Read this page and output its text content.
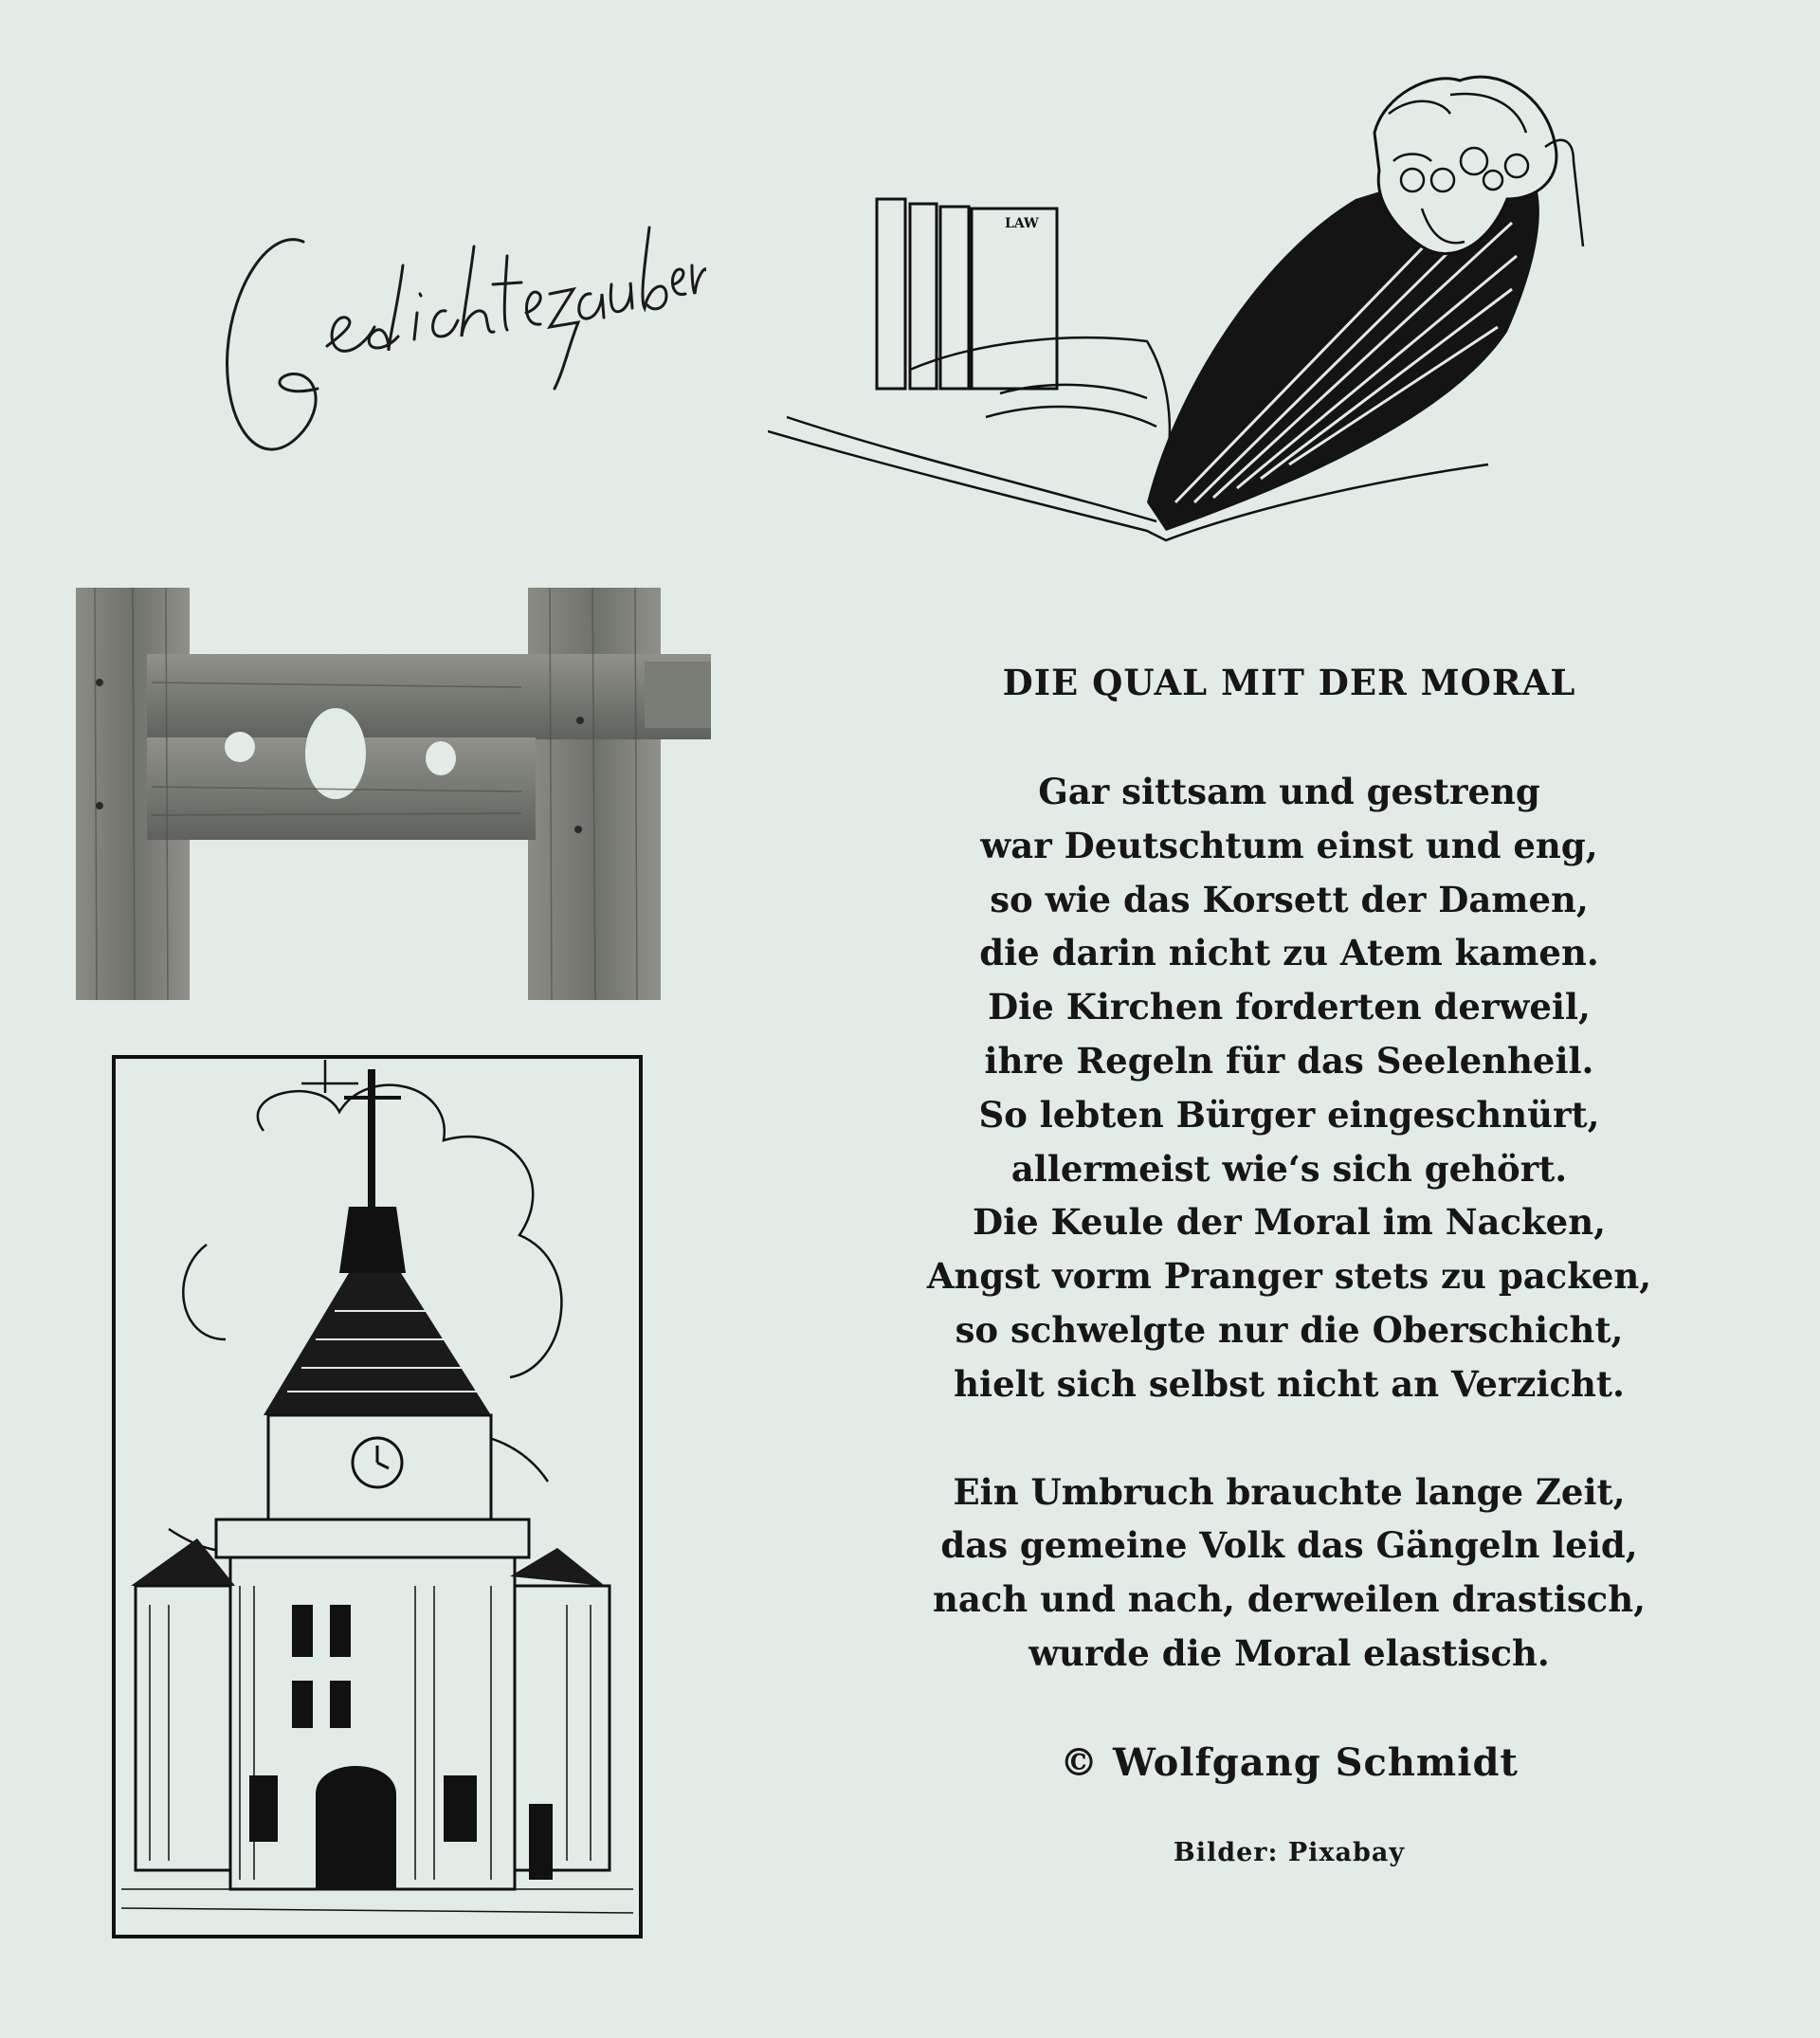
LAW
DIE QUAL MIT DER MORAL
Gar sittsam und gestreng
war Deutschtum einst und eng,
so wie das Korsett der Damen,
die darin nicht zu Atem kamen.
Die Kirchen forderten derweil,
ihre Regeln für das Seelenheil.
So lebten Bürger eingeschnürt,
allermeist wie‘s sich gehört.
Die Keule der Moral im Nacken,
Angst vorm Pranger stets zu packen,
so schwelgte nur die Oberschicht,
hielt sich selbst nicht an Verzicht.
Ein Umbruch brauchte lange Zeit,
das gemeine Volk das Gängeln leid,
nach und nach, derweilen drastisch,
wurde die Moral elastisch.
© Wolfgang Schmidt
Bilder: Pixabay
